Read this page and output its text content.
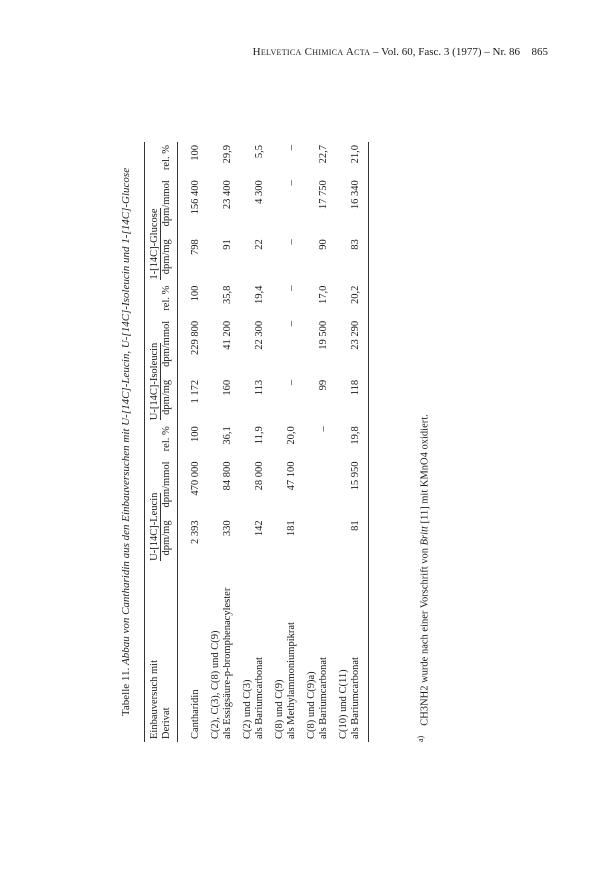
Helvetica Chimica Acta – Vol. 60, Fasc. 3 (1977) – Nr. 86 865
Tabelle 11. Abbau von Cantharidin aus den Einbauversuchen mit U-[14C]-Leucin, U-[14C]-Isoleucin und 1-[14C]-Glucose
Einbauversuch mit Derivat	U-[14C]-Leucin			U-[14C]-Isoleucin			1-[14C]-Glucose		
	dpm/mg	dpm/mmol	rel. %	dpm/mg	dpm/mmol	rel. %	dpm/mg	dpm/mmol	rel. %

Cantharidin	2 393	470 000	100	1 172	229 800	100	798	156 400	100

C(2), C(3), C(8) und C(9) als Essigsäure-p-bromphenacylester	330	84 800	36,1	160	41 200	35,8	91	23 400	29,9

C(2) und C(3) als Bariumcarbonat	142	28 000	11,9	113	22 300	19,4	22	4 300	5,5

C(8) und C(9) als Methylammoniumpikrat	181	47 100	20,0	–	–	–	–	–	–

C(8) und C(9)a) als Bariumcarbonat			–	99	19 500	17,0	90	17 750	22,7

C(10) und C(11) als Bariumcarbonat	81	15 950	19,8	118	23 290	20,2	83	16 340	21,0
$^{a)}$CH3NH2 wurde nach einer Vorschrift von Britt [11] mit KMnO4 oxidiert.
